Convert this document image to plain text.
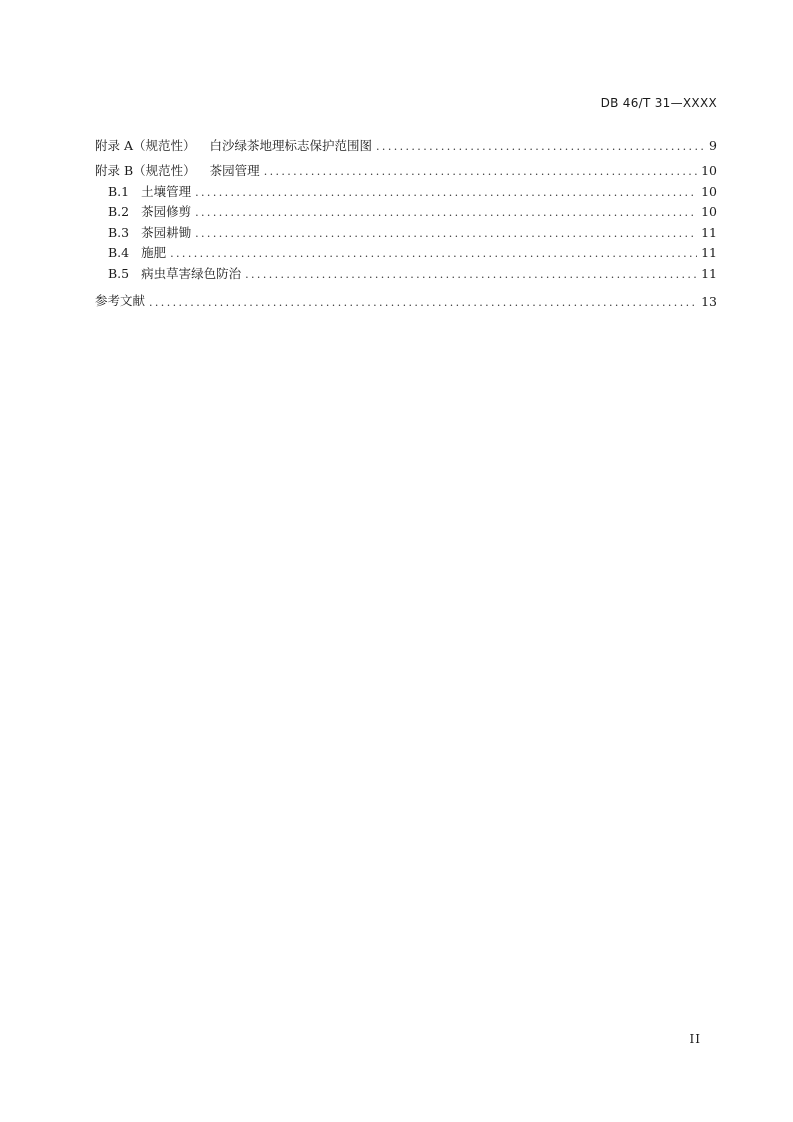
DB 46/T 31—XXXX
附录 A（规范性） 白沙绿茶地理标志保护范围图 .....	9
附录 B（规范性） 茶园管理 .....	10
B.1 土壤管理 .....	10
B.2 茶园修剪 .....	10
B.3 茶园耕锄 .....	11
B.4 施肥 .....	11
B.5 病虫草害绿色防治 .....	11
参考文献 .....	13
II
